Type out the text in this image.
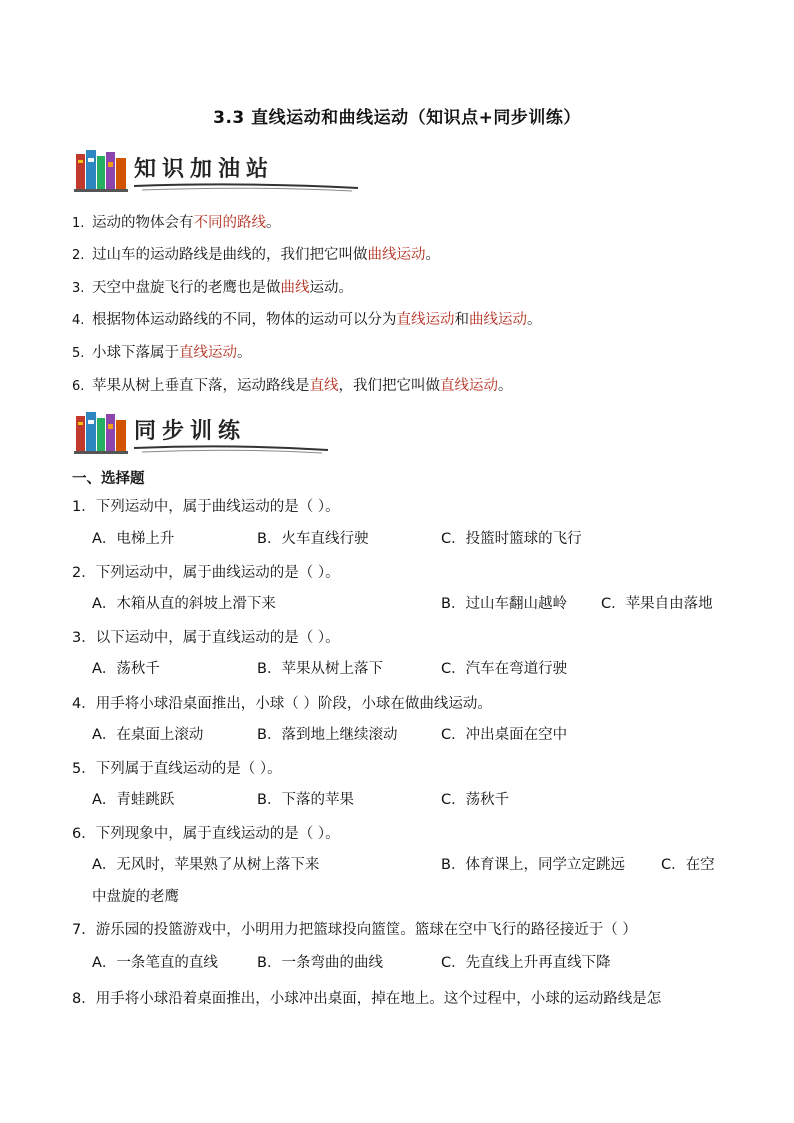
3.3 直线运动和曲线运动（知识点+同步训练）
知识加油站
1. 运动的物体会有不同的路线。
2. 过山车的运动路线是曲线的，我们把它叫做曲线运动。
3. 天空中盘旋飞行的老鹰也是做曲线运动。
4. 根据物体运动路线的不同，物体的运动可以分为直线运动和曲线运动。
5. 小球下落属于直线运动。
6. 苹果从树上垂直下落，运动路线是直线，我们把它叫做直线运动。
同步训练
一、选择题
1．下列运动中，属于曲线运动的是（ ）。
A．电梯上升	B．火车直线行驶	C．投篮时篮球的飞行
2．下列运动中，属于曲线运动的是（ ）。
A．木箱从直的斜坡上滑下来	B．过山车翻山越岭 C．苹果自由落地
3．以下运动中，属于直线运动的是（ ）。
A．荡秋千	B．苹果从树上落下	C．汽车在弯道行驶
4．用手将小球沿桌面推出，小球（ ）阶段，小球在做曲线运动。
A．在桌面上滚动	B．落到地上继续滚动	C．冲出桌面在空中
5．下列属于直线运动的是（ ）。
A．青蛙跳跃	B．下落的苹果	C．荡秋千
6．下列现象中，属于直线运动的是（ ）。
A．无风时，苹果熟了从树上落下来	B．体育课上，同学立定跳远 C．在空
中盘旋的老鹰
7．游乐园的投篮游戏中，小明用力把篮球投向篮筐。篮球在空中飞行的路径接近于（ ）
A．一条笔直的直线	B．一条弯曲的曲线	C．先直线上升再直线下降
8．用手将小球沿着桌面推出，小球冲出桌面，掉在地上。这个过程中，小球的运动路线是怎
